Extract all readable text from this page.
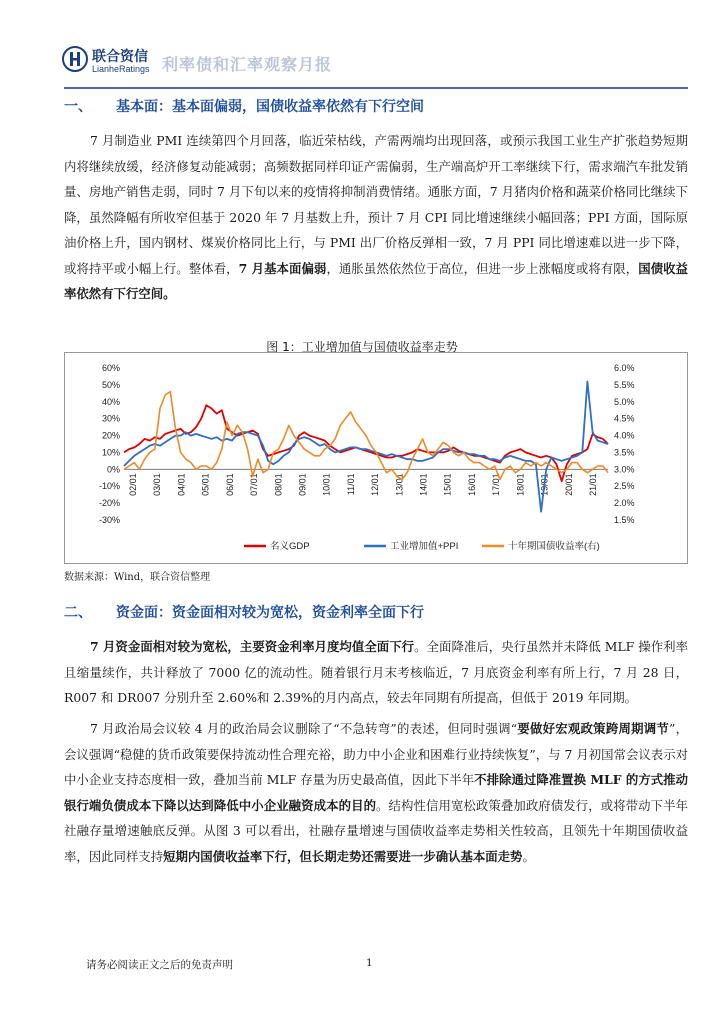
联合资信
LianheRatings 利率债和汇率观察月报
一、 基本面：基本面偏弱，国债收益率依然有下行空间
7 月制造业 PMI 连续第四个月回落，临近荣枯线，产需两端均出现回落，或预示我国工业生产扩张趋势短期内将继续放缓，经济修复动能减弱；高频数据同样印证产需偏弱，生产端高炉开工率继续下行，需求端汽车批发销量、房地产销售走弱，同时 7 月下旬以来的疫情将抑制消费情绪。通胀方面，7 月猪肉价格和蔬菜价格同比继续下降，虽然降幅有所收窄但基于 2020 年 7 月基数上升，预计 7 月 CPI 同比增速继续小幅回落；PPI 方面，国际原油价格上升，国内钢材、煤炭价格同比上行，与 PMI 出厂价格反弹相一致，7 月 PPI 同比增速难以进一步下降，或将持平或小幅上行。整体看，7 月基本面偏弱，通胀虽然依然位于高位，但进一步上涨幅度或将有限，国债收益率依然有下行空间。
图 1：工业增加值与国债收益率走势
60%
50%
40%
30%
20%
10%
0%
-10%
-20%
-30%
6.0%
5.5%
5.0%
4.5%
4.0%
3.5%
3.0%
2.5%
2.0%
1.5%
02/01 03/01 04/01 05/01 06/01 07/01 08/01 09/01 10/01 11/01 12/01 13/01 14/01 15/01 16/01 17/01 18/01 19/01 20/01 21/01
名义GDP	工业增加值+PPI	十年期国债收益率(右)
数据来源：Wind，联合资信整理
二、 资金面：资金面相对较为宽松，资金利率全面下行
7 月资金面相对较为宽松，主要资金利率月度均值全面下行。全面降准后，央行虽然并未降低 MLF 操作利率且缩量续作，共计释放了 7000 亿的流动性。随着银行月末考核临近，7 月底资金利率有所上行，7 月 28 日，R007 和 DR007 分别升至 2.60%和 2.39%的月内高点，较去年同期有所提高，但低于 2019 年同期。
7 月政治局会议较 4 月的政治局会议删除了“不急转弯”的表述，但同时强调“要做好宏观政策跨周期调节”，会议强调“稳健的货币政策要保持流动性合理充裕，助力中小企业和困难行业持续恢复”，与 7 月初国常会议表示对中小企业支持态度相一致，叠加当前 MLF 存量为历史最高值，因此下半年不排除通过降准置换 MLF 的方式推动银行端负债成本下降以达到降低中小企业融资成本的目的。结构性信用宽松政策叠加政府债发行，或将带动下半年社融存量增速触底反弹。从图 3 可以看出，社融存量增速与国债收益率走势相关性较高，且领先十年期国债收益率，因此同样支持短期内国债收益率下行，但长期走势还需要进一步确认基本面走势。
请务必阅读正文之后的免责声明	1
